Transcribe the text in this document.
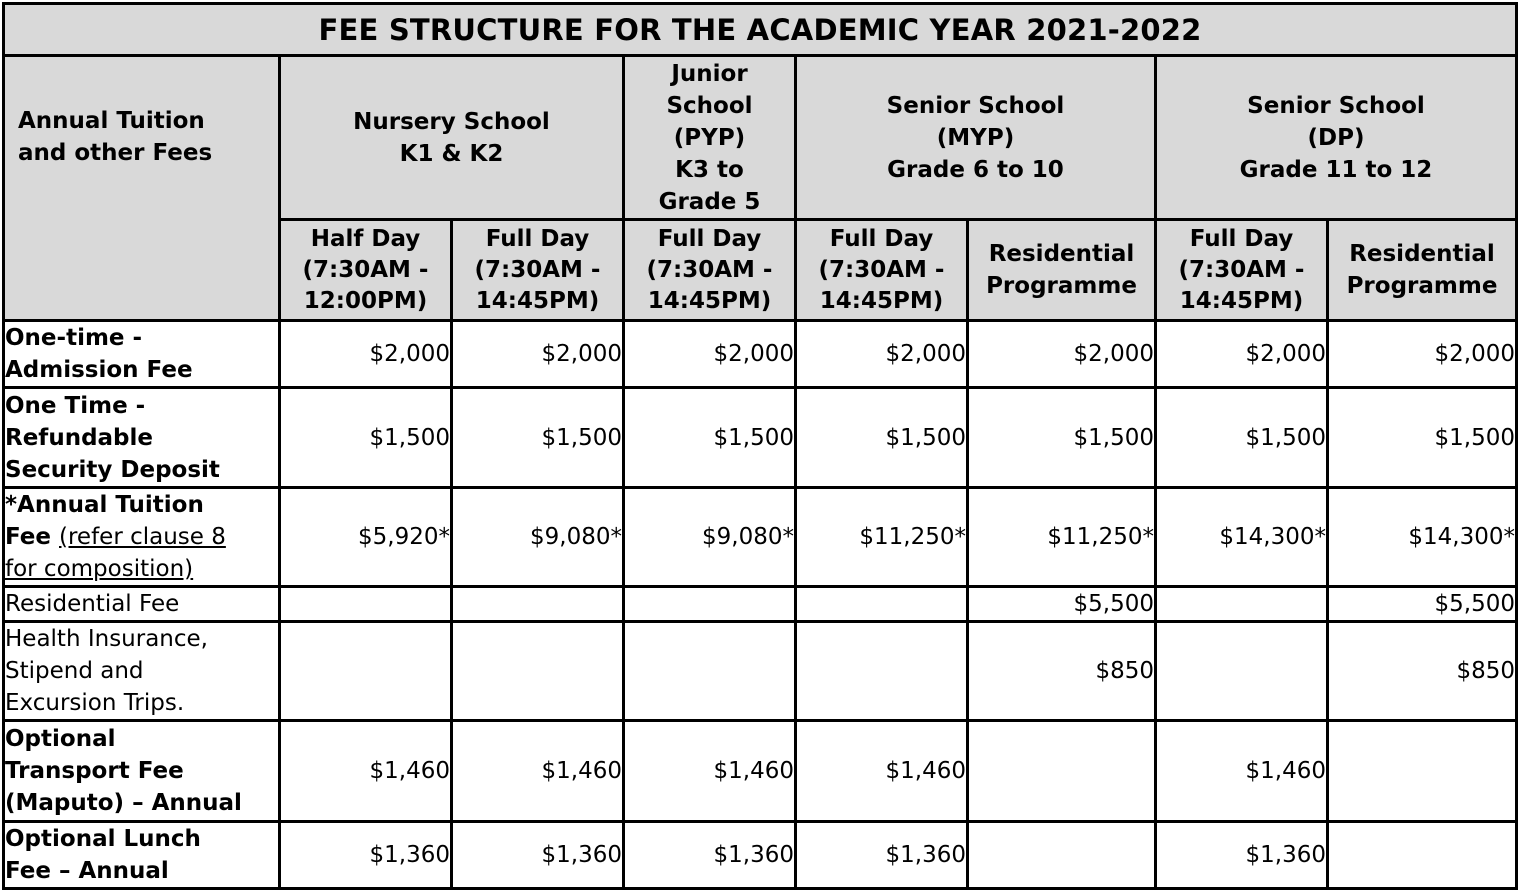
FEE STRUCTURE FOR THE ACADEMIC YEAR 2021-2022							

Annual Tuition
and other Fees	Nursery School
K1 & K2		Junior
School
(PYP)
K3 to
Grade 5	Senior School
(MYP)
Grade 6 to 10		Senior School
(DP)
Grade 11 to 12	

	Half Day
(7:30AM -
12:00PM)	Full Day
(7:30AM -
14:45PM)	Full Day
(7:30AM -
14:45PM)	Full Day
(7:30AM -
14:45PM)	Residential
Programme	Full Day
(7:30AM -
14:45PM)	Residential
Programme

One-time -
Admission Fee	$2,000	$2,000	$2,000	$2,000	$2,000	$2,000	$2,000

One Time -
Refundable
Security Deposit	$1,500	$1,500	$1,500	$1,500	$1,500	$1,500	$1,500

*Annual Tuition
Fee (refer clause 8
for composition)	$5,920*	$9,080*	$9,080*	$11,250*	$11,250*	$14,300*	$14,300*

Residential Fee					$5,500		$5,500

Health Insurance,
Stipend and
Excursion Trips.					$850		$850

Optional
Transport Fee
(Maputo) – Annual	$1,460	$1,460	$1,460	$1,460		$1,460	

Optional Lunch
Fee – Annual	$1,360	$1,360	$1,360	$1,360		$1,360	
